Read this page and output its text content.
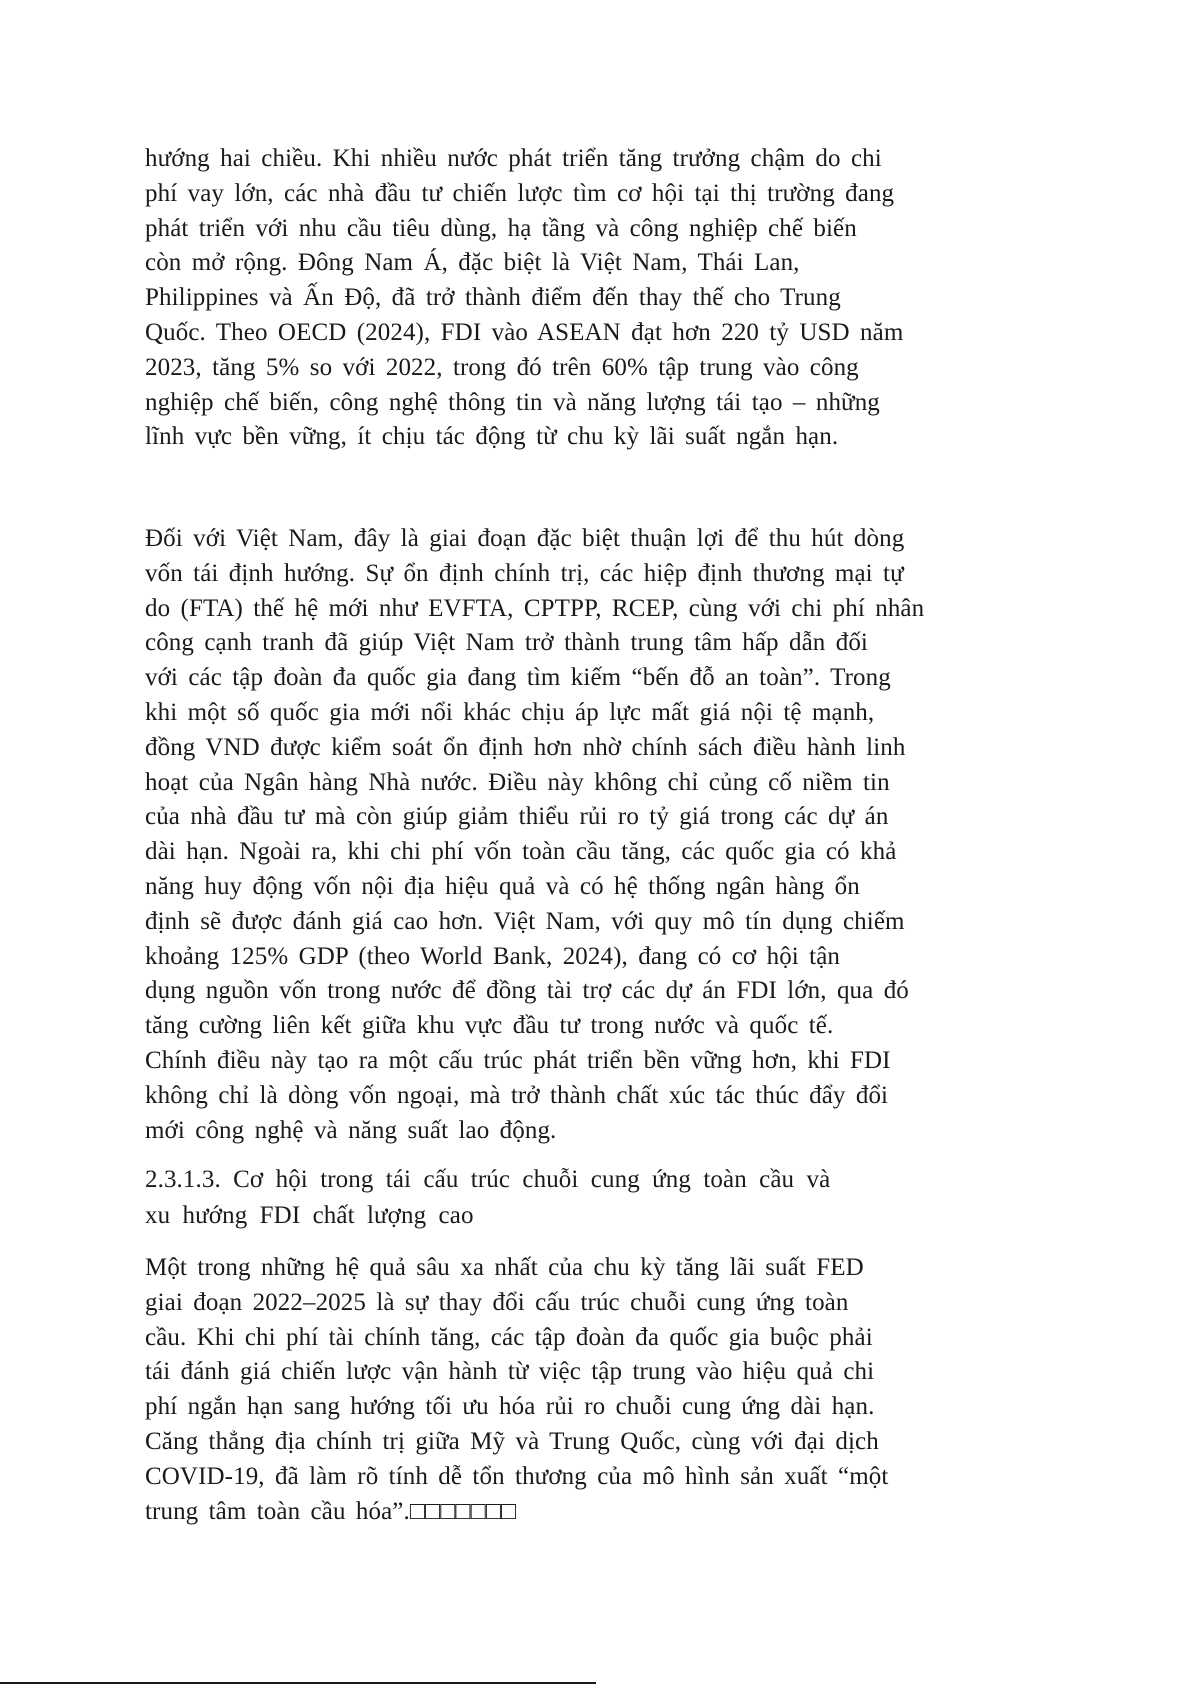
hướng hai chiều. Khi nhiều nước phát triển tăng trưởng chậm do chi
phí vay lớn, các nhà đầu tư chiến lược tìm cơ hội tại thị trường đang
phát triển với nhu cầu tiêu dùng, hạ tầng và công nghiệp chế biến
còn mở rộng. Đông Nam Á, đặc biệt là Việt Nam, Thái Lan,
Philippines và Ấn Độ, đã trở thành điểm đến thay thế cho Trung
Quốc. Theo OECD (2024), FDI vào ASEAN đạt hơn 220 tỷ USD năm
2023, tăng 5% so với 2022, trong đó trên 60% tập trung vào công
nghiệp chế biến, công nghệ thông tin và năng lượng tái tạo – những
lĩnh vực bền vững, ít chịu tác động từ chu kỳ lãi suất ngắn hạn.
Đối với Việt Nam, đây là giai đoạn đặc biệt thuận lợi để thu hút dòng
vốn tái định hướng. Sự ổn định chính trị, các hiệp định thương mại tự
do (FTA) thế hệ mới như EVFTA, CPTPP, RCEP, cùng với chi phí nhân
công cạnh tranh đã giúp Việt Nam trở thành trung tâm hấp dẫn đối
với các tập đoàn đa quốc gia đang tìm kiếm “bến đỗ an toàn”. Trong
khi một số quốc gia mới nổi khác chịu áp lực mất giá nội tệ mạnh,
đồng VND được kiểm soát ổn định hơn nhờ chính sách điều hành linh
hoạt của Ngân hàng Nhà nước. Điều này không chỉ củng cố niềm tin
của nhà đầu tư mà còn giúp giảm thiểu rủi ro tỷ giá trong các dự án
dài hạn. Ngoài ra, khi chi phí vốn toàn cầu tăng, các quốc gia có khả
năng huy động vốn nội địa hiệu quả và có hệ thống ngân hàng ổn
định sẽ được đánh giá cao hơn. Việt Nam, với quy mô tín dụng chiếm
khoảng 125% GDP (theo World Bank, 2024), đang có cơ hội tận
dụng nguồn vốn trong nước để đồng tài trợ các dự án FDI lớn, qua đó
tăng cường liên kết giữa khu vực đầu tư trong nước và quốc tế.
Chính điều này tạo ra một cấu trúc phát triển bền vững hơn, khi FDI
không chỉ là dòng vốn ngoại, mà trở thành chất xúc tác thúc đẩy đổi
mới công nghệ và năng suất lao động.
2.3.1.3. Cơ hội trong tái cấu trúc chuỗi cung ứng toàn cầu và
xu hướng FDI chất lượng cao
Một trong những hệ quả sâu xa nhất của chu kỳ tăng lãi suất FED
giai đoạn 2022–2025 là sự thay đổi cấu trúc chuỗi cung ứng toàn
cầu. Khi chi phí tài chính tăng, các tập đoàn đa quốc gia buộc phải
tái đánh giá chiến lược vận hành từ việc tập trung vào hiệu quả chi
phí ngắn hạn sang hướng tối ưu hóa rủi ro chuỗi cung ứng dài hạn.
Căng thẳng địa chính trị giữa Mỹ và Trung Quốc, cùng với đại dịch
COVID-19, đã làm rõ tính dễ tổn thương của mô hình sản xuất “một
trung tâm toàn cầu hóa”.□□□□□□□
